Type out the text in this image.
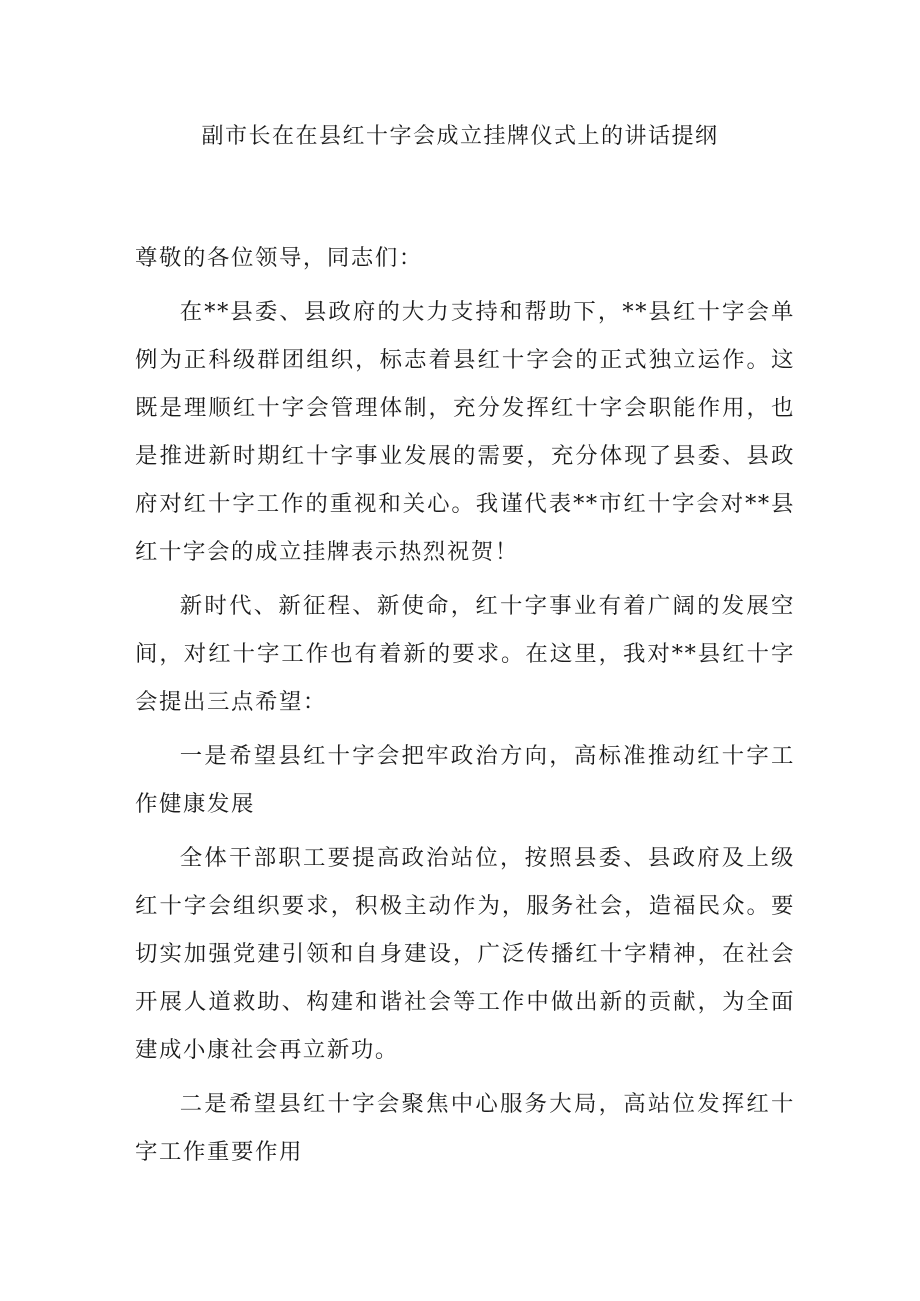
副市长在在县红十字会成立挂牌仪式上的讲话提纲

尊敬的各位领导，同志们：

在**县委、县政府的大力支持和帮助下，**县红十字会单例为正科级群团组织，标志着县红十字会的正式独立运作。这既是理顺红十字会管理体制，充分发挥红十字会职能作用，也是推进新时期红十字事业发展的需要，充分体现了县委、县政府对红十字工作的重视和关心。我谨代表**市红十字会对**县红十字会的成立挂牌表示热烈祝贺！

新时代、新征程、新使命，红十字事业有着广阔的发展空间，对红十字工作也有着新的要求。在这里，我对**县红十字会提出三点希望：

一是希望县红十字会把牢政治方向，高标准推动红十字工作健康发展

全体干部职工要提高政治站位，按照县委、县政府及上级红十字会组织要求，积极主动作为，服务社会，造福民众。要切实加强党建引领和自身建设，广泛传播红十字精神，在社会开展人道救助、构建和谐社会等工作中做出新的贡献，为全面建成小康社会再立新功。

二是希望县红十字会聚焦中心服务大局，高站位发挥红十字工作重要作用
